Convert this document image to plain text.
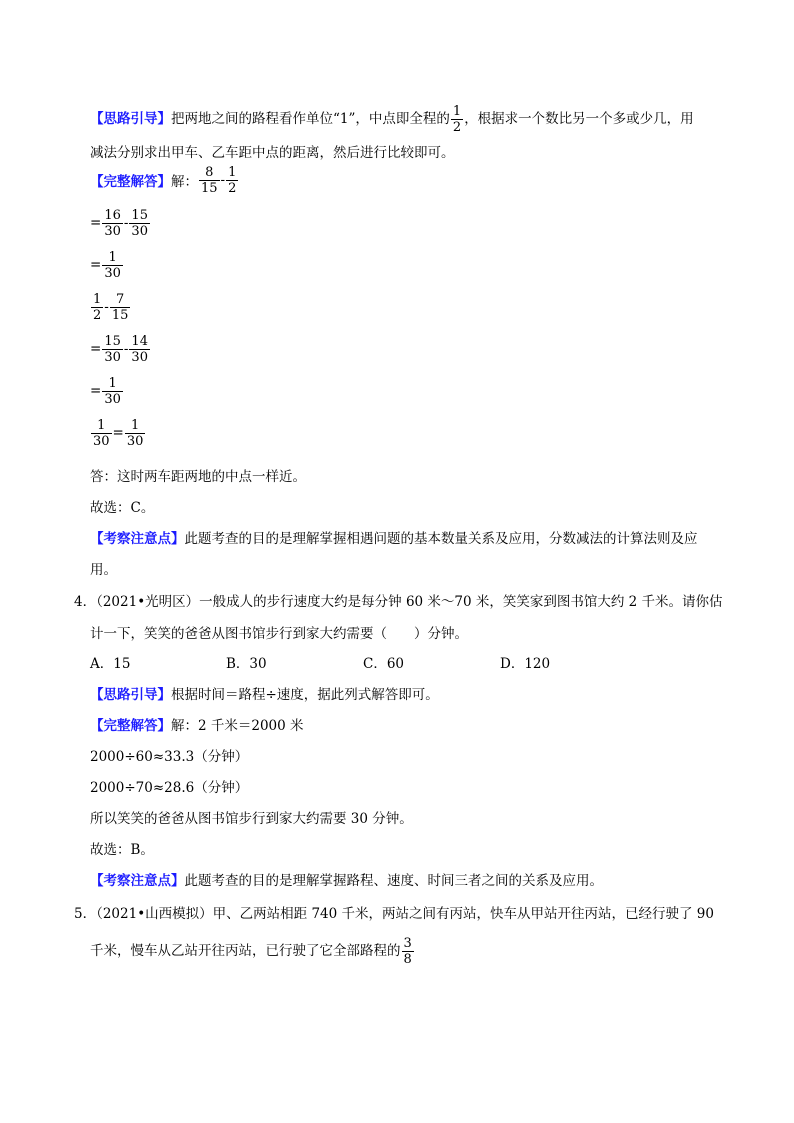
【思路引导】把两地之间的路程看作单位“1”，中点即全程的 $\frac{1}{2}$ ，根据求一个数比另一个多或少几，用
减法分别求出甲车、乙车距中点的距离，然后进行比较即可。
【完整解答】 解： $\frac{8}{15} - \frac{1}{2}$
= $\frac{16}{30} - \frac{15}{30}$
= $\frac{1}{30}$
$\frac{1}{2} - \frac{7}{15}$
= $\frac{15}{30} - \frac{14}{30}$
= $\frac{1}{30}$
$\frac{1}{30} = \frac{1}{30}$
答：这时两车距两地的中点一样近。
故选：C。
【考察注意点】此题考查的目的是理解掌握相遇问题的基本数量关系及应用，分数减法的计算法则及应
用。
4．（2021•光明区）一般成人的步行速度大约是每分钟 60 米～70 米，笑笑家到图书馆大约 2 千米。请你估
计一下，笑笑的爸爸从图书馆步行到家大约需要（　　）分钟。
A．15	B．30	C．60	D．120
【思路引导】根据时间＝路程÷速度，据此列式解答即可。
【完整解答】解：2 千米＝2000 米
2000÷60≈33.3（分钟）
2000÷70≈28.6（分钟）
所以笑笑的爸爸从图书馆步行到家大约需要 30 分钟。
故选：B。
【考察注意点】此题考查的目的是理解掌握路程、速度、时间三者之间的关系及应用。
5．（2021•山西模拟）甲、乙两站相距 740 千米，两站之间有丙站，快车从甲站开往丙站，已经行驶了 90
千米，慢车从乙站开往丙站，已行驶了它全部路程的 $\frac{3}{8}$
